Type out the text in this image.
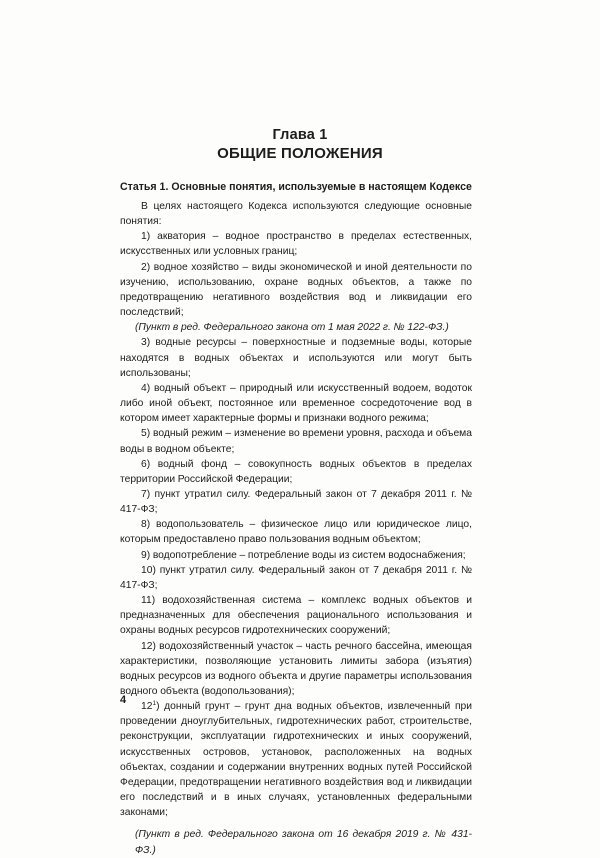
Глава 1
ОБЩИЕ ПОЛОЖЕНИЯ
Статья 1. Основные понятия, используемые в настоящем Кодексе

В целях настоящего Кодекса используются следующие основные понятия:

1) акватория – водное пространство в пределах естественных, искусственных или условных границ;

2) водное хозяйство – виды экономической и иной деятельности по изучению, использованию, охране водных объектов, а также по предотвращению негативного воздействия вод и ликвидации его последствий;

(Пункт в ред. Федерального закона от 1 мая 2022 г. № 122-ФЗ.)

3) водные ресурсы – поверхностные и подземные воды, которые находятся в водных объектах и используются или могут быть использованы;

4) водный объект – природный или искусственный водоем, водоток либо иной объект, постоянное или временное сосредоточение вод в котором имеет характерные формы и признаки водного режима;

5) водный режим – изменение во времени уровня, расхода и объема воды в водном объекте;

6) водный фонд – совокупность водных объектов в пределах территории Российской Федерации;

7) пункт утратил силу. Федеральный закон от 7 декабря 2011 г. № 417-ФЗ;

8) водопользователь – физическое лицо или юридическое лицо, которым предоставлено право пользования водным объектом;

9) водопотребление – потребление воды из систем водоснабжения;

10) пункт утратил силу. Федеральный закон от 7 декабря 2011 г. № 417-ФЗ;

11) водохозяйственная система – комплекс водных объектов и предназначенных для обеспечения рационального использования и охраны водных ресурсов гидротехнических сооружений;

12) водохозяйственный участок – часть речного бассейна, имеющая характеристики, позволяющие установить лимиты забора (изъятия) водных ресурсов из водного объекта и другие параметры использования водного объекта (водопользования);

$12^1$) донный грунт – грунт дна водных объектов, извлеченный при проведении дноуглубительных, гидротехнических работ, строительстве, реконструкции, эксплуатации гидротехнических и иных сооружений, искусственных островов, установок, расположенных на водных объектах, создании и содержании внутренних водных путей Российской Федерации, предотвращении негативного воздействия вод и ликвидации его последствий и в иных случаях, установленных федеральными законами;

(Пункт в ред. Федерального закона от 16 декабря 2019 г. № 431-ФЗ.)

4
